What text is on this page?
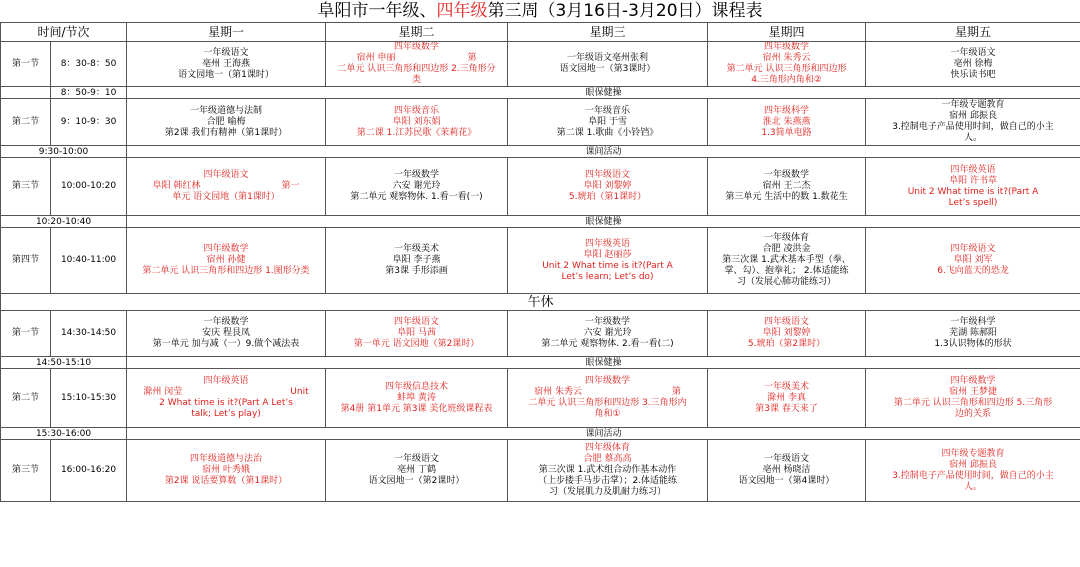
阜阳市一年级、四年级第三周（3月16日-3月20日）课程表
时间/节次		星期一	星期二	星期三	星期四	星期五
第一节	8：30-8：50	一年级语文
亳州 王海燕
语文园地一（第1课时）	四年级数学
宿州 申丽　　　　　　　　第
二单元 认识三角形和四边形 2.三角形分
类	一年级语文亳州张利
语文园地一（第3课时）	四年级数学
宿州 朱秀云
第二单元 认识三角形和四边形
4.三角形内角和②	一年级语文
亳州 徐梅
快乐读书吧

	8：50-9：10	眼保健操				
第二节	9：10-9：30	一年级道德与法制
合肥 喻梅
第2课 我们有精神（第1课时）	四年级音乐
阜阳 刘东娟
第二课 1.江苏民歌《茉莉花》	一年级音乐
阜阳 于雪
第二课 1.歌曲《小铃铛》	四年级科学
淮北 朱燕燕
1.3简单电路	一年级专题教育
宿州 邱振良
3.控制电子产品使用时间，做自己的小主
人。

9:30-10:00		课间活动				
第三节	10:00-10:20	四年级语文
阜阳 韩红林　　　　　　　　　第一
单元 语文园地（第1课时）	一年级数学
六安 谢光玲
第二单元 观察物体. 1.看一看(一)	四年级语文
阜阳 刘黎婷
5.琥珀（第1课时）	一年级数学
宿州 王二杰
第三单元 生活中的数 1.数花生	四年级英语
阜阳 许书草
Unit 2 What time is it?(Part A
Let’s spell)

10:20-10:40		眼保健操				
第四节	10:40-11:00	四年级数学
宿州 孙健
第二单元 认识三角形和四边形 1.图形分类	一年级美术
阜阳 李子燕
第3课 手形添画	四年级英语
阜阳 赵丽莎
Unit 2 What time is it?(Part A
Let’s learn; Let’s do)	一年级体育
合肥 凌洪金
第三次课 1.武术基本手型（拳、
掌、勾）、抱拳礼； 2.体适能练
习（发展心肺功能练习）	四年级语文
阜阳 刘军
6.飞向蓝天的恐龙

午休						
第一节	14:30-14:50	一年级数学
安庆 程艮凤
第一单元 加与减（一）9.做个减法表	四年级语文
阜阳 马茜
第一单元 语文园地（第2课时）	一年级数学
六安 谢光玲
第二单元 观察物体. 2.看一看(二)	四年级语文
阜阳 刘黎婷
5.琥珀（第2课时）	一年级科学
芜湖 陈郝阳
1.3认识物体的形状

14:50-15:10		眼保健操				
第二节	15:10-15:30	四年级英语
滁州 闵莹　　　　　　　　　　　　Unit
2 What time is it?(Part A Let’s
talk; Let’s play)	四年级信息技术
蚌埠 黄涛
第4册 第1单元 第3课 美化班级课程表	四年级数学
宿州 朱秀云　　　　　　　　　　第
二单元 认识三角形和四边形 3.三角形内
角和①	一年级美术
滁州 李真
第3课 春天来了	四年级数学
宿州 王梦捷
第二单元 认识三角形和四边形 5.三角形
边的关系

15:30-16:00		课间活动				
第三节	16:00-16:20	四年级道德与法治
宿州 叶秀娥
第2课 说话要算数（第1课时）	一年级语文
亳州 丁鹤
语文园地一（第2课时）	四年级体育
合肥 蔡高高
第三次课 1.武术组合动作基本动作
（上步搂手马步击掌）；2.体适能练
习（发展肌力及肌耐力练习）	一年级语文
亳州 杨晓洁
语文园地一（第4课时）	四年级专题教育
宿州 邱振良
3.控制电子产品使用时间，做自己的小主
人。
